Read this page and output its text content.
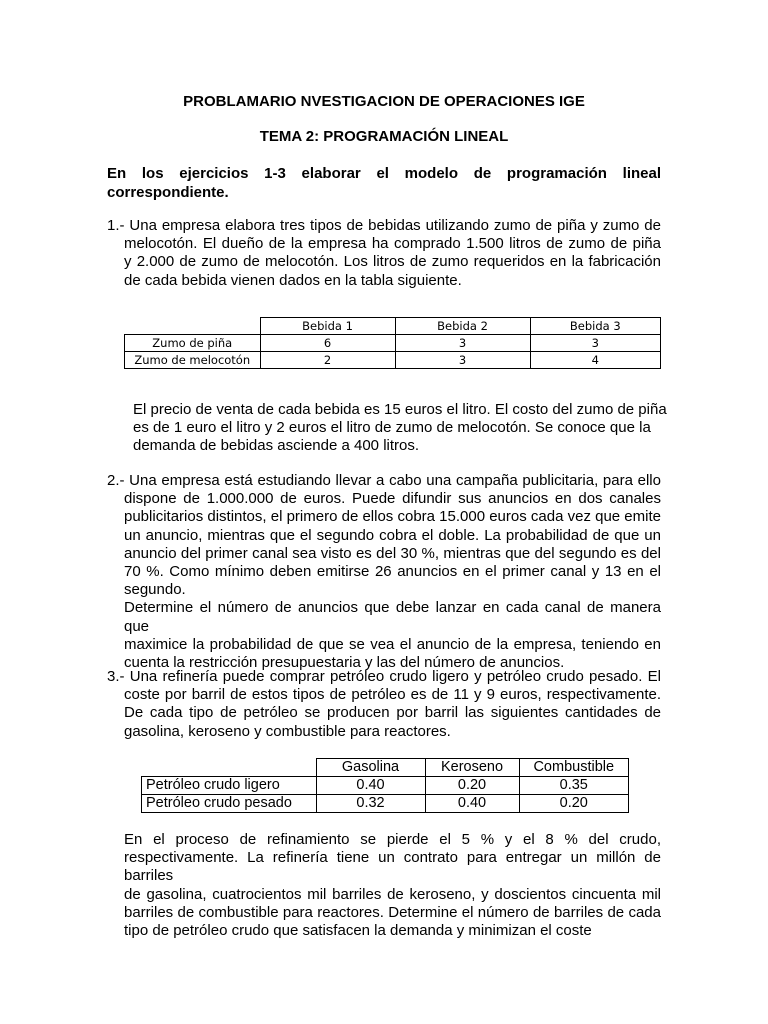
PROBLAMARIO NVESTIGACION DE OPERACIONES IGE
TEMA 2: PROGRAMACIÓN LINEAL
En los ejercicios 1-3 elaborar el modelo de programación lineal
correspondiente.
1.- Una empresa elabora tres tipos de bebidas utilizando zumo de piña y zumo de
melocotón. El dueño de la empresa ha comprado 1.500 litros de zumo de piña
y 2.000 de zumo de melocotón. Los litros de zumo requeridos en la fabricación
de cada bebida vienen dados en la tabla siguiente.
	Bebida 1	Bebida 2	Bebida 3
Zumo de piña	6	3	3
Zumo de melocotón	2	3	4
El precio de venta de cada bebida es 15 euros el litro. El costo del zumo de piña
es de 1 euro el litro y 2 euros el litro de zumo de melocotón. Se conoce que la
demanda de bebidas asciende a 400 litros.
2.- Una empresa está estudiando llevar a cabo una campaña publicitaria, para ello
dispone de 1.000.000 de euros. Puede difundir sus anuncios en dos canales
publicitarios distintos, el primero de ellos cobra 15.000 euros cada vez que emite
un anuncio, mientras que el segundo cobra el doble. La probabilidad de que un
anuncio del primer canal sea visto es del 30 %, mientras que del segundo es del
70 %. Como mínimo deben emitirse 26 anuncios en el primer canal y 13 en el
segundo.
Determine el número de anuncios que debe lanzar en cada canal de manera que
maximice la probabilidad de que se vea el anuncio de la empresa, teniendo en
cuenta la restricción presupuestaria y las del número de anuncios.
3.- Una refinería puede comprar petróleo crudo ligero y petróleo crudo pesado. El
coste por barril de estos tipos de petróleo es de 11 y 9 euros, respectivamente.
De cada tipo de petróleo se producen por barril las siguientes cantidades de
gasolina, keroseno y combustible para reactores.
	Gasolina	Keroseno	Combustible
Petróleo crudo ligero	0.40	0.20	0.35
Petróleo crudo pesado	0.32	0.40	0.20
En el proceso de refinamiento se pierde el 5 % y el 8 % del crudo,
respectivamente. La refinería tiene un contrato para entregar un millón de barriles
de gasolina, cuatrocientos mil barriles de keroseno, y doscientos cincuenta mil
barriles de combustible para reactores. Determine el número de barriles de cada
tipo de petróleo crudo que satisfacen la demanda y minimizan el coste
